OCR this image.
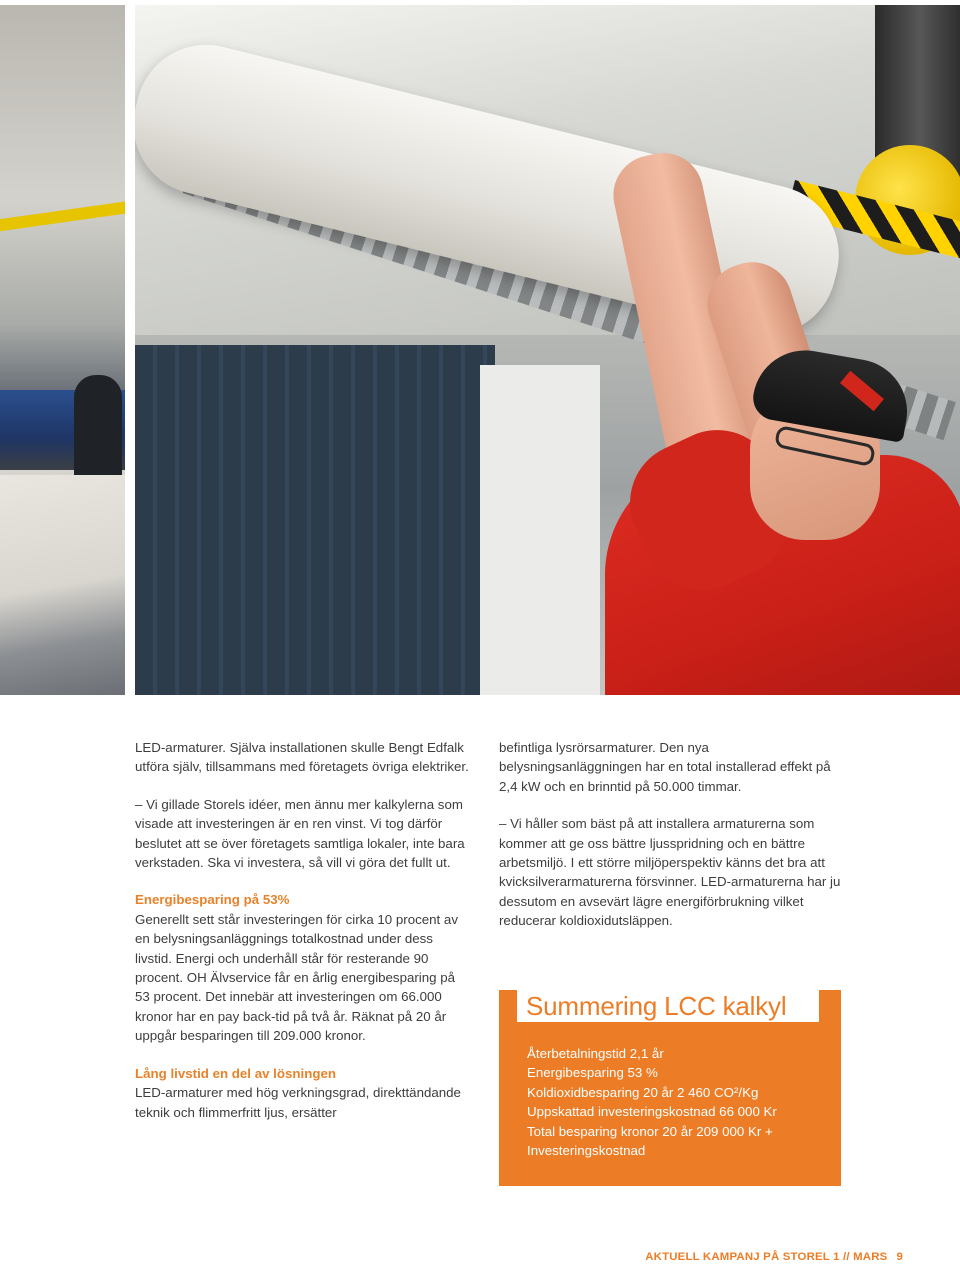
LED-armaturer. Själva installationen skulle Bengt Edfalk utföra själv, tillsammans med företagets övriga elektriker.

– Vi gillade Storels idéer, men ännu mer kalkylerna som visade att investeringen är en ren vinst. Vi tog därför beslutet att se över företagets samtliga lokaler, inte bara verkstaden. Ska vi investera, så vill vi göra det fullt ut.

Energibesparing på 53%
Generellt sett står investeringen för cirka 10 procent av en belysningsanläggnings totalkostnad under dess livstid. Energi och underhåll står för resterande 90 procent. OH Älvservice får en årlig energibesparing på 53 procent. Det innebär att investeringen om 66.000 kronor har en pay back-tid på två år. Räknat på 20 år uppgår besparingen till 209.000 kronor.
Lång livstid en del av lösningen
LED-armaturer med hög verkningsgrad, direkttändande teknik och flimmerfritt ljus, ersätter

befintliga lysrörsarmaturer. Den nya belysningsanläggningen har en total installerad effekt på 2,4 kW och en brinntid på 50.000 timmar.

– Vi håller som bäst på att installera armaturerna som kommer att ge oss bättre ljusspridning och en bättre arbetsmiljö. I ett större miljöperspektiv känns det bra att kvicksilverarmaturerna försvinner. LED-armaturerna har ju dessutom en avsevärt lägre energiförbrukning vilket reducerar koldioxidutsläppen.

Summering LCC kalkyl
Återbetalningstid 2,1 år
Energibesparing 53 %
Koldioxidbesparing 20 år 2 460 CO²/Kg
Uppskattad investeringskostnad 66 000 Kr
Total besparing kronor 20 år 209 000 Kr +
Investeringskostnad
AKTUELL KAMPANJ PÅ STOREL 1 // MARS 9
